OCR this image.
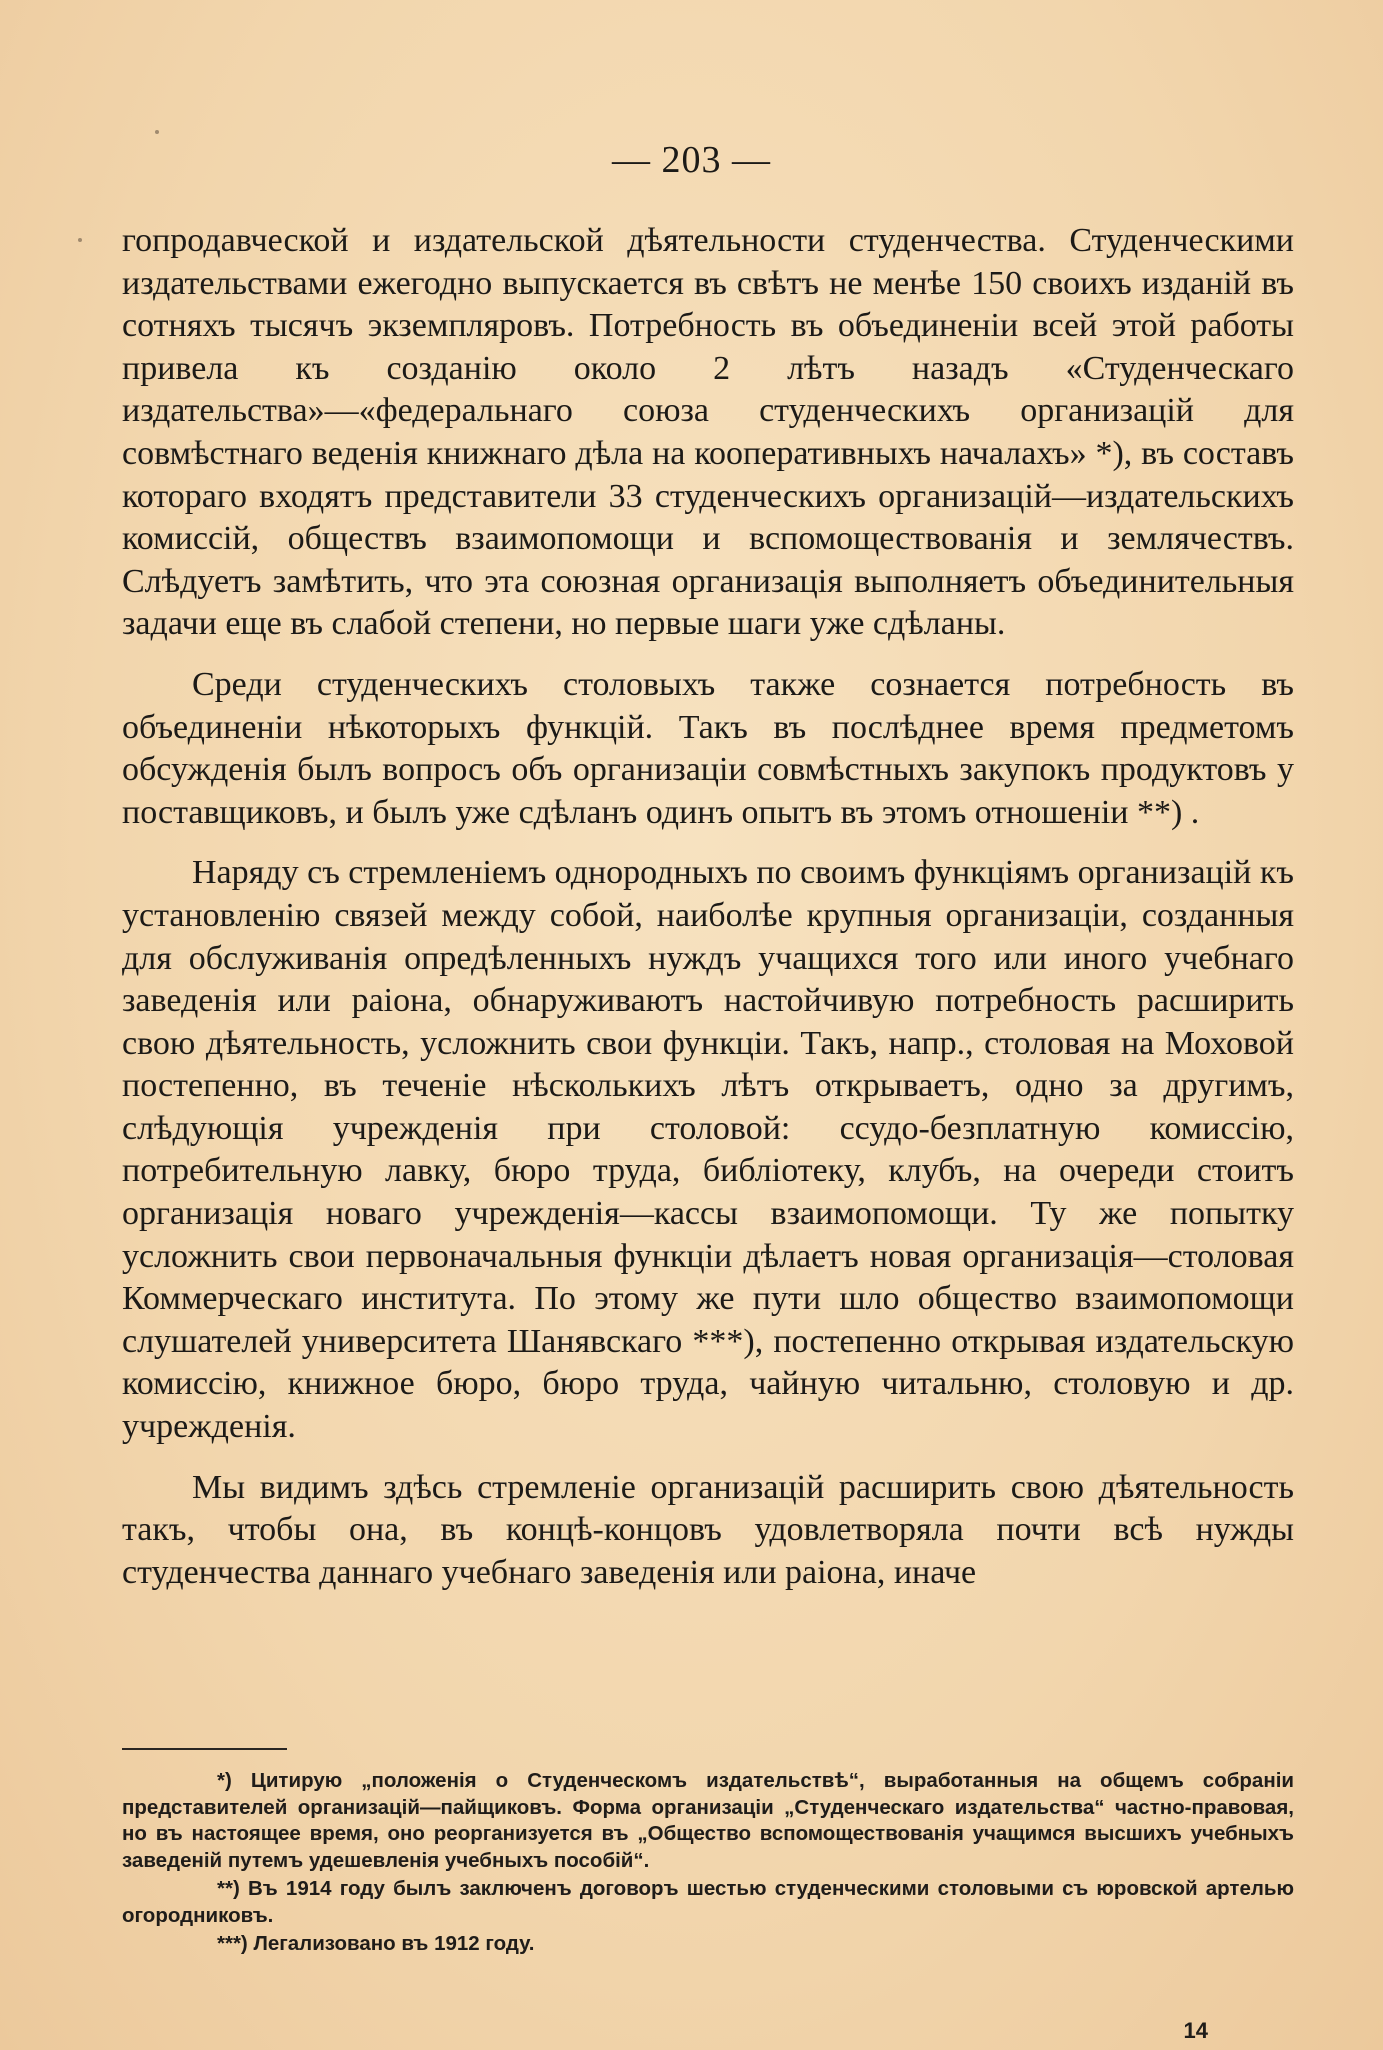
— 203 —

гопродавческой и издательской дѣятельности студенчества. Студенческими издательствами ежегодно выпускается въ свѣтъ не менѣе 150 своихъ изданій въ сотняхъ тысячъ экземпляровъ. Потребность въ объединеніи всей этой работы привела къ созданію около 2 лѣтъ назадъ «Студенческаго издательства»—«федеральнаго союза студенческихъ организацій для совмѣстнаго веденія книжнаго дѣла на кооперативныхъ началахъ» *), въ составъ котораго входятъ представители 33 студенческихъ организацій—издательскихъ комиссій, обществъ взаимопомощи и вспомоществованія и землячествъ. Слѣдуетъ замѣтить, что эта союзная организація выполняетъ объединительныя задачи еще въ слабой степени, но первые шаги уже сдѣланы.

Среди студенческихъ столовыхъ также сознается потребность въ объединеніи нѣкоторыхъ функцій. Такъ въ послѣднее время предметомъ обсужденія былъ вопросъ объ организаціи совмѣстныхъ закупокъ продуктовъ у поставщиковъ, и былъ уже сдѣланъ одинъ опытъ въ этомъ отношеніи **) .

Наряду съ стремленіемъ однородныхъ по своимъ функціямъ организацій къ установленію связей между собой, наиболѣе крупныя организаціи, созданныя для обслуживанія опредѣленныхъ нуждъ учащихся того или иного учебнаго заведенія или раіона, обнаруживаютъ настойчивую потребность расширить свою дѣятельность, усложнить свои функціи. Такъ, напр., столовая на Моховой постепенно, въ теченіе нѣсколькихъ лѣтъ открываетъ, одно за другимъ, слѣдующія учрежденія при столовой: ссудо-безплатную комиссію, потребительную лавку, бюро труда, библіотеку, клубъ, на очереди стоитъ организація новаго учрежденія—кассы взаимопомощи. Ту же попытку усложнить свои первоначальныя функціи дѣлаетъ новая организація—столовая Коммерческаго института. По этому же пути шло общество взаимопомощи слушателей университета Шанявскаго ***), постепенно открывая издательскую комиссію, книжное бюро, бюро труда, чайную читальню, столовую и др. учрежденія.

Мы видимъ здѣсь стремленіе организацій расширить свою дѣятельность такъ, чтобы она, въ концѣ-концовъ удовлетворяла почти всѣ нужды студенчества даннаго учебнаго заведенія или раіона, иначе

*) Цитирую „положенія о Студенческомъ издательствѣ“, выработанныя на общемъ собраніи представителей организацій—пайщиковъ. Форма организаціи „Студенческаго издательства“ частно-правовая, но въ настоящее время, оно реорганизуется въ „Общество вспомоществованія учащимся высшихъ учебныхъ заведеній путемъ удешевленія учебныхъ пособій“.

**) Въ 1914 году былъ заключенъ договоръ шестью студенческими столовыми съ юровской артелью огородниковъ.

***) Легализовано въ 1912 году.

14
